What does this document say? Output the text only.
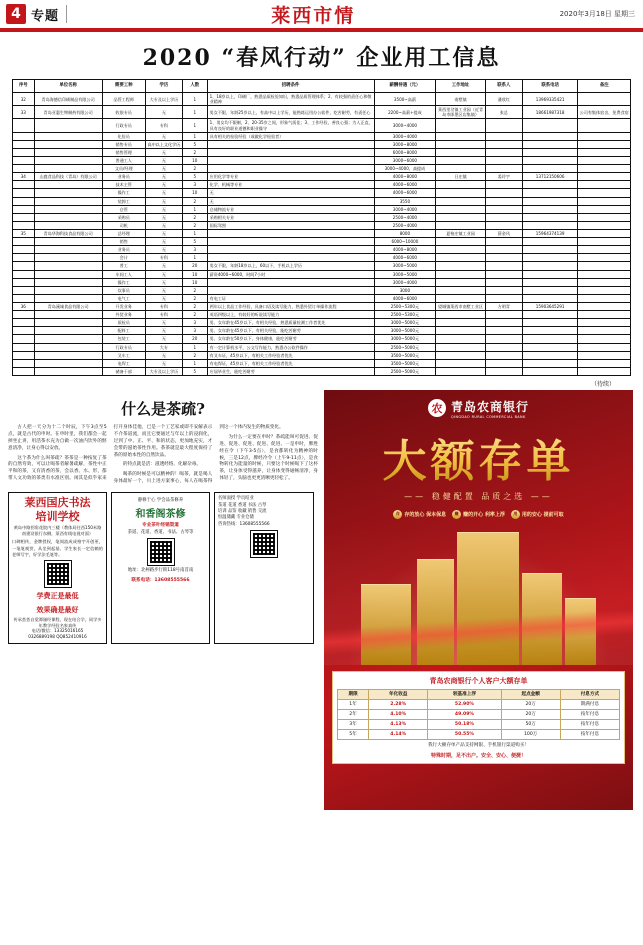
4 专题	莱西市情	2020年3月18日 星期三
2020 “春风行动” 企业用工信息
序号	单位名称	需要工种	学历	人数	招聘条件	薪酬待遇（元）	工作地址	联系人	联系电话	备注
32	青岛海德信印刷制品有限公司	品管工程师	大专及以上学历	1	1、18岁以上，印刷厂，熟悉品质检验知识，熟悉品质管理体系；2、有较强的责任心和敬业精神	3500~高薪	南墅镇	潘欣红	13969335421	
33	青岛亚惠生物制药有限公司	收银专员	无	1	男女不限，年龄25岁以上，有高中以上学历，能熟练运用办公软件，吃苦耐劳，有责任心	2200~高薪+提成	莱西里岔镇工业园（近青岛市即墨区店集镇）	张总	18661987318	公司有集体宿舍，免费食宿
		行政专员	专科	1	1、男女均不限制，2、20-35岁之间，形象气质佳；3、工作经验，善良心强；为人正直，具有良好的职业道德和职业操守	3000~4000				
		化验员	无	1	具有相关的检验经验（或做化学检验者）	3000~4000				
		销售专员	高中以上文化学历	5		3000~8000				
		销售管理	无	2		6000~8000				
		普通工人	无	10		3000~6000				
		文员/经理	无	2		3000~4000，高提成				
34	山鹿食品科技（青岛）有限公司	业务员	无	5	应用化学等专业	4000~8000	日庄镇	姜玲字	13712150606	
		技术主管	无	3	化学、机械等专业	4000~6000				
		操作工	无	10	无	4000~6000				
		装卸工	无	2	无	3550				
		仓管	无	1	仓储物流专业	3000~4000				
		采购员	无	2	采购相关专业	2500~4000				
		司机	无	2	国际驾照	2500~4000				
35	青岛华海科技食品有限公司	总经理	无	1		8000	夏格庄镇工业园	薛金风	15964374139	
		销售	无	5		6000~10000				
		业务员	无	3		4000~8000				
		会计	专科	1		4000~6000				
		普工	无	20	男女不限，年龄18岁以上，60以下，手机以上学历	3000~5000				
		车间工人	无	10	薪资4000~6000，时间7小时	3000~5000				
		操作工	无	10		3000~4000				
		炊事员	无	2		3000				
		电气工	无	2	有电工证	4000~6000				
36	青岛溪诚食品有限公司	开发业务	专科	2	两年以上食品工作经验，具备口语及读写能力，熟悉外贸订单操作流程	2500~5300元	望城镇莱西市南墅工业区	方明青	15903645291	
		外贸业务	专科	2	英语四级以上，有较好的听说读写能力	2500~5300元				
		质检员	无	3	男、女年龄在45岁以下，有相关经验，熟悉质量检测工作者优先	3000~5000元				
		配料工	无	3	男、女年龄在45岁以下，有相关经验，能吃苦耐劳	3000~5000元				
		包装工	无	20	男、女年龄在50岁以下，身体健康，能吃苦耐劳	3000~5000元				
		行政专员	大专	1	有一定计算机水平，公文写作能力，熟悉办公软件操作	2500~5000元				
		叉车工	无	2	有叉车证，45岁以下，有相关工作经验者优先	3500~5000元				
		电焊工	无	1	有电焊证，45岁以下，有相关工作经验者优先	3500~5000元				
		储备干部	大专及以上学历	5	应届毕业生，能吃苦耐劳	2500~5000元				
（待续）
什么是茶疏?

古人把一天分为十二个时辰，下午3点至5点，就是古代的申时。在申时里，我们都会一起掉坐止讲，用活茶水充为自做一次油内饮外的惬意清净，让身心得以安放。

这个茶为什么叫茶疏？茶茶是一种按复了茶的自然弯效，可以让喝茶者解暑疏解，茶性中正平和的茶，又有清香的茶，会以香、水、形，都带人文功效的茶类有水准区别。闲其是似乎家来打开身体佳他，已是一个工艺家或即不安解表示不介茶道流，而且它要通过与年以上的浸润化，过到了中、正、平、和的状态，更加地充实，才会带的滋始茶性作用。茶茶就是最大程度保持了茶的原始本性的自然饮品。

的特点就是活：滋透经络、化解杂毒。

喝茶的时候是可以精神的！喝茶，就是喝人身体最好一个，川上进方案事心，每人在喝茶得到这一个体内发生的物质变化。

为什么一定要在申时？茶疏能叫可促进、促进、促进、促进、促进、促进、一是申时，脾胜经在令（下午3-5点），是食都转化为精神的时候，三是12点，脾经冷令（上午9-11点），是食物转化为能量的时候，只要这个时候喝下了这杯茶，让身体受得滋养，让身体变得通畅清净，身体轻了，头脑也更更清晰更轻松了。

莱西国庆书法
培训学校
黄岛中路拐角花院内三楼（教体局往西150米路南建设银行东侧，莱西有线电视对面）
口碑相传，金牌授权，笔间流成成格字开创更，一笔笔观赏，从坐到起基、学生家长一定信赖的老师写字，好学法毛笔等。
学费正是最低
效果确是最好
传承荟荟自觉谭谨经课程，现在结合学，同学多年教学经验名家真传
电话/微信：13325016165
0326889198 QQ852410916
静修于心 学会品茶修养
和香阁茶修
专业茶叶经销渠道
茶道、花道、香道、书法、古琴等
地址：北柯路步行街118号南首南
联系电话：13608555566
名师面授 学员结业
茶道 花道 香道 书法 古琴
培训 品鉴 收藏 销售 交流
恒温储藏 专业仓储
咨询热线：13608555566
农 青岛农商银行
QINGDAO RURAL COMMERCIAL BANK
大额存单
—— 稳健配置 品质之选 ——
存 存的放心 保本保息	赚 赚的开心 利率上浮	用 用的安心 提前可取
青岛农商银行个人客户大额存单
期限	年化收益	较基准上浮	起点金额	付息方式
1年	2.28%	52.90%	20万	期满付息
2年	4.10%	49.09%	20万	按年付息
3年	4.13%	50.18%	50万	按年付息
5年	4.14%	50.55%	100万	按年付息
我行大额存单产品支持网银、手机银行渠道购买！
特殊时期，足不出户。安全、安心、便捷！
